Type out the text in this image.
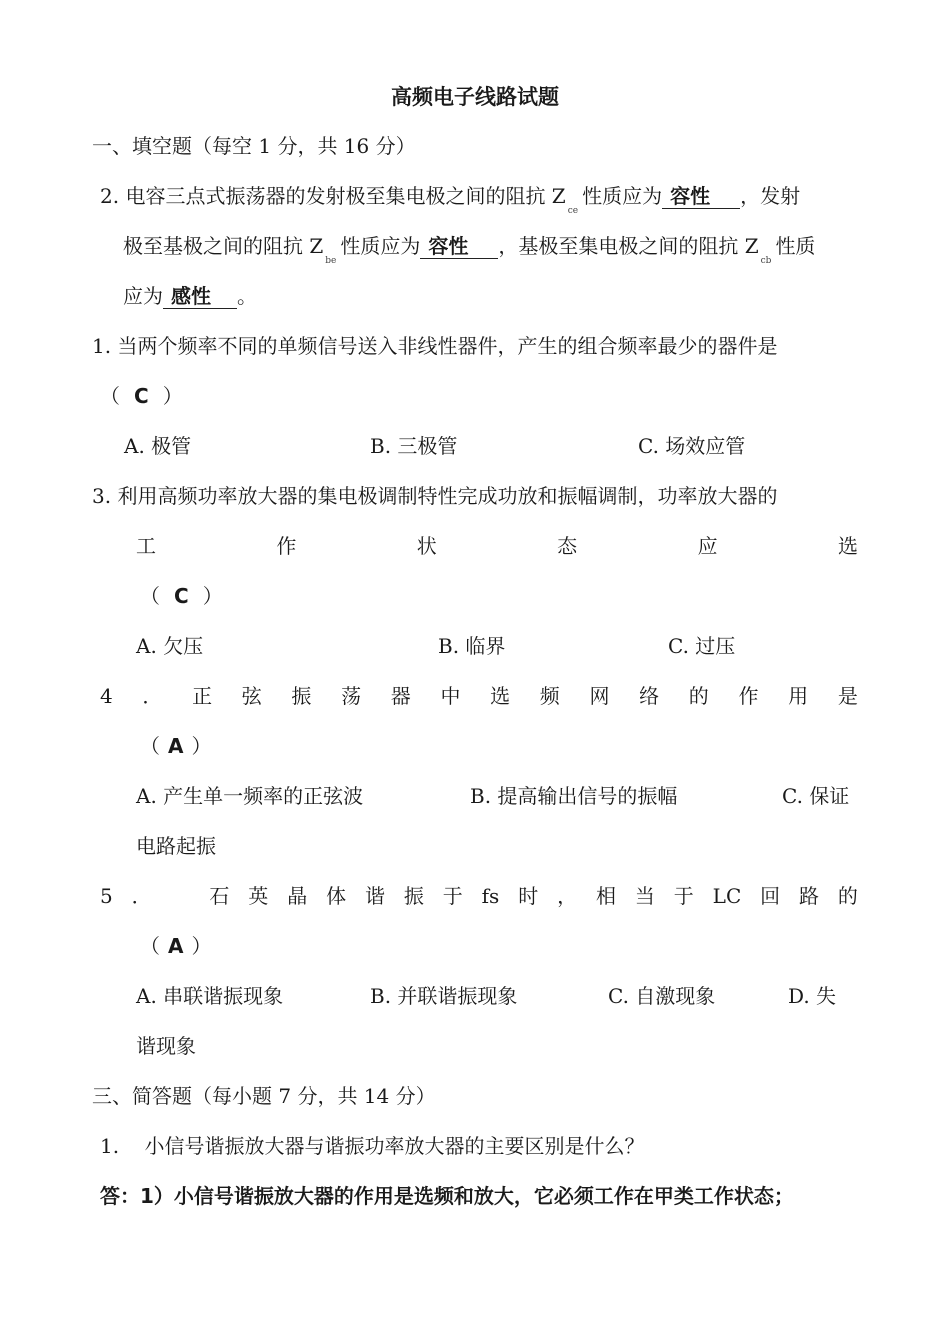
高频电子线路试题
一、填空题（每空 1 分，共 16 分）
2. 电容三点式振荡器的发射极至集电极之间的阻抗 $Z_{ce}$性质应为 容性 ，发射
极至基极之间的阻抗 $Z_{be}$性质应为 容性 ，基极至集电极之间的阻抗 $Z_{cb}$性质
应为 感性 。
1. 当两个频率不同的单频信号送入非线性器件，产生的组合频率最少的器件是
（ C ）
A. 极管	B. 三极管	C. 场效应管
3. 利用高频功率放大器的集电极调制特性完成功放和振幅调制，功率放大器的
工	作	状	态	应	选
（ C ）
A. 欠压	B. 临界	C. 过压
4 ． 正 弦 振 荡 器 中 选 频 网 络 的 作 用 是
（ A ）
A. 产生单一频率的正弦波	B. 提高输出信号的振幅	C. 保证
电路起振
5 ．	石 英 晶 体 谐 振 于 fs 时 ， 相 当 于 LC 回 路 的
（ A ）
A. 串联谐振现象	B. 并联谐振现象	C. 自激现象	D. 失
谐现象
三、简答题（每小题 7 分，共 14 分）
1.    小信号谐振放大器与谐振功率放大器的主要区别是什么？
答：1）小信号谐振放大器的作用是选频和放大，它必须工作在甲类工作状态；
